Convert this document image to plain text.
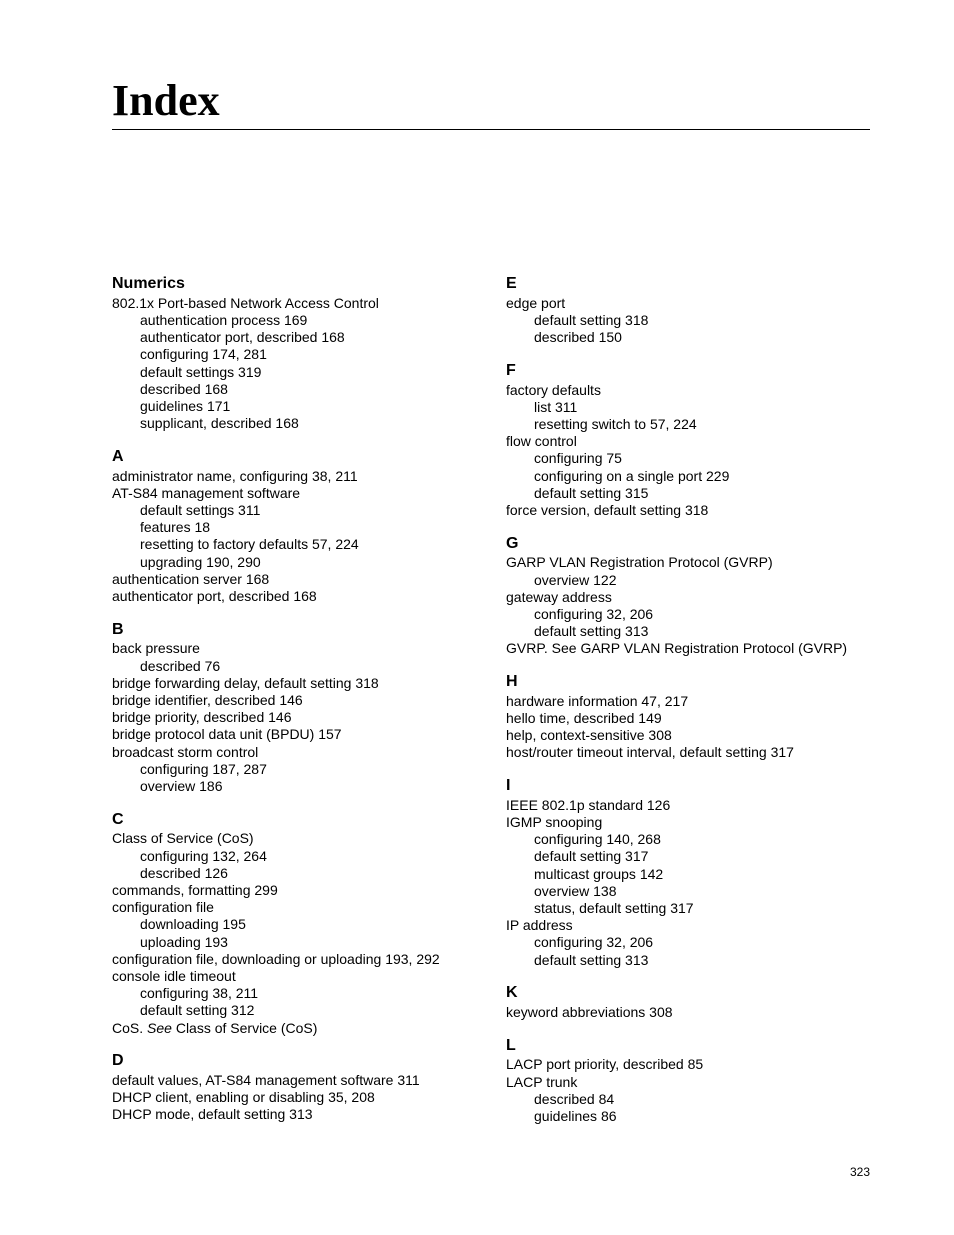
Index
Numerics
802.1x Port-based Network Access Control
authentication process 169
authenticator port, described 168
configuring 174, 281
default settings 319
described 168
guidelines 171
supplicant, described 168
A
administrator name, configuring 38, 211
AT-S84 management software
default settings 311
features 18
resetting to factory defaults 57, 224
upgrading 190, 290
authentication server 168
authenticator port, described 168
B
back pressure
described 76
bridge forwarding delay, default setting 318
bridge identifier, described 146
bridge priority, described 146
bridge protocol data unit (BPDU) 157
broadcast storm control
configuring 187, 287
overview 186
C
Class of Service (CoS)
configuring 132, 264
described 126
commands, formatting 299
configuration file
downloading 195
uploading 193
configuration file, downloading or uploading 193, 292
console idle timeout
configuring 38, 211
default setting 312
CoS. See Class of Service (CoS)
D
default values, AT-S84 management software 311
DHCP client, enabling or disabling 35, 208
DHCP mode, default setting 313
E
edge port
default setting 318
described 150
F
factory defaults
list 311
resetting switch to 57, 224
flow control
configuring 75
configuring on a single port 229
default setting 315
force version, default setting 318
G
GARP VLAN Registration Protocol (GVRP)
overview 122
gateway address
configuring 32, 206
default setting 313
GVRP. See GARP VLAN Registration Protocol (GVRP)
H
hardware information 47, 217
hello time, described 149
help, context-sensitive 308
host/router timeout interval, default setting 317
I
IEEE 802.1p standard 126
IGMP snooping
configuring 140, 268
default setting 317
multicast groups 142
overview 138
status, default setting 317
IP address
configuring 32, 206
default setting 313
K
keyword abbreviations 308
L
LACP port priority, described 85
LACP trunk
described 84
guidelines 86
323
